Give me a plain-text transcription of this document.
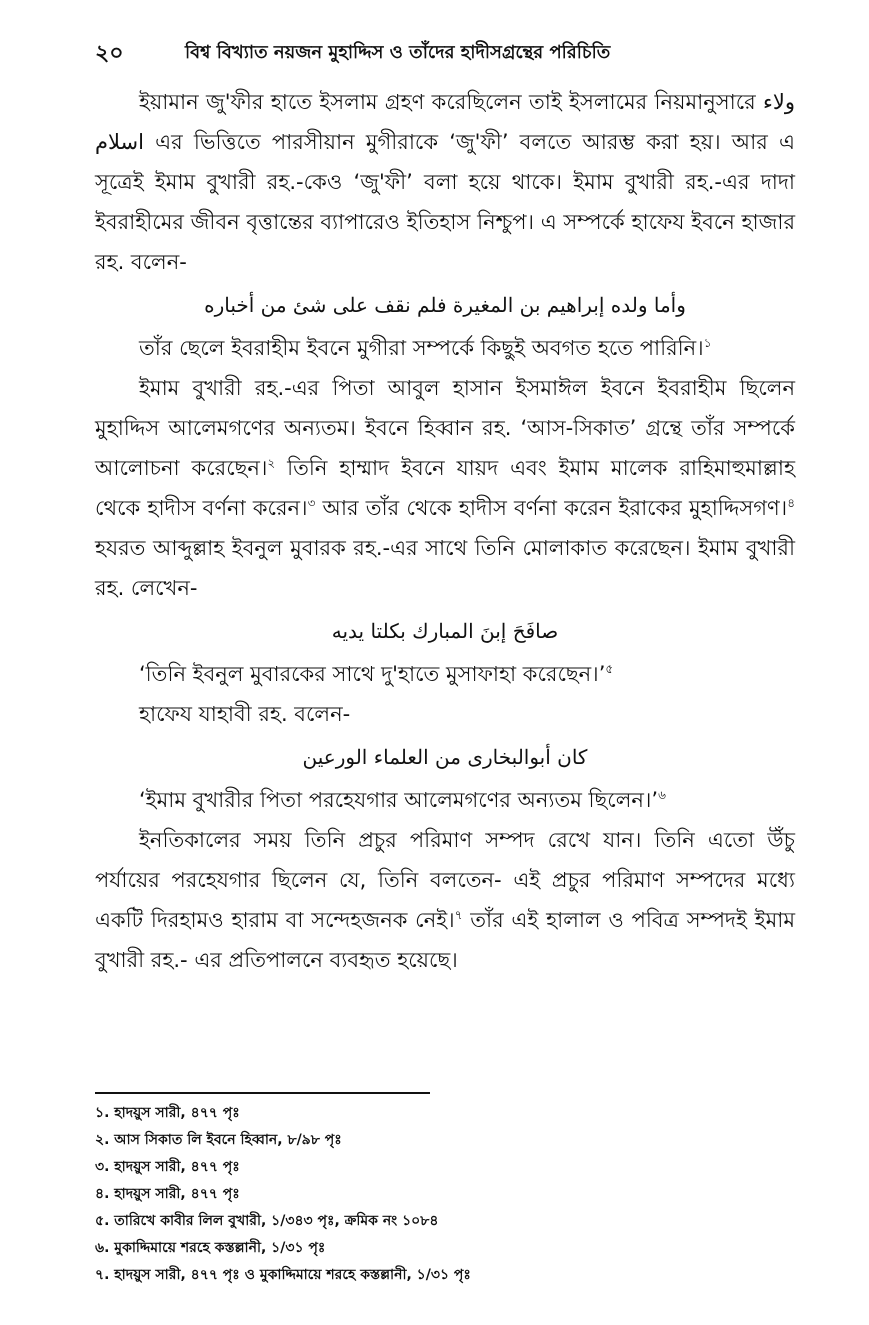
২০	বিশ্ব বিখ্যাত নয়জন মুহাদ্দিস ও তাঁদের হাদীসগ্রন্থের পরিচিতি

ইয়ামান জু'ফীর হাতে ইসলাম গ্রহণ করেছিলেন তাই ইসলামের নিয়মানুসারে ولاء اسلام এর ভিত্তিতে পারসীয়ান মুগীরাকে ‘জু'ফী’ বলতে আরম্ভ করা হয়। আর এ সূত্রেই ইমাম বুখারী রহ.-কেও ‘জু'ফী’ বলা হয়ে থাকে। ইমাম বুখারী রহ.-এর দাদা ইবরাহীমের জীবন বৃত্তান্তের ব্যাপারেও ইতিহাস নিশ্চুপ। এ সম্পর্কে হাফেয ইবনে হাজার রহ. বলেন-

وأما ولده إبراهيم بن المغيرة فلم نقف على شئ من أخباره

তাঁর ছেলে ইবরাহীম ইবনে মুগীরা সম্পর্কে কিছুই অবগত হতে পারিনি।$^১$

ইমাম বুখারী রহ.-এর পিতা আবুল হাসান ইসমাঈল ইবনে ইবরাহীম ছিলেন মুহাদ্দিস আলেমগণের অন্যতম। ইবনে হিব্বান রহ. ‘আস-সিকাত’ গ্রন্থে তাঁর সম্পর্কে আলোচনা করেছেন।$^২$ তিনি হাম্মাদ ইবনে যায়দ এবং ইমাম মালেক রাহিমাহুমাল্লাহ থেকে হাদীস বর্ণনা করেন।$^৩$ আর তাঁর থেকে হাদীস বর্ণনা করেন ইরাকের মুহাদ্দিসগণ।$^৪$ হযরত আব্দুল্লাহ ইবনুল মুবারক রহ.-এর সাথে তিনি মোলাকাত করেছেন। ইমাম বুখারী রহ. লেখেন-

صافَحَ إبنَ المبارك بكلتا يديه

‘তিনি ইবনুল মুবারকের সাথে দু'হাতে মুসাফাহা করেছেন।’$^৫$

হাফেয যাহাবী রহ. বলেন-

كان أبوالبخارى من العلماء الورعين

‘ইমাম বুখারীর পিতা পরহেযগার আলেমগণের অন্যতম ছিলেন।’$^৬$

ইনতিকালের সময় তিনি প্রচুর পরিমাণ সম্পদ রেখে যান। তিনি এতো উঁচু পর্যায়ের পরহেযগার ছিলেন যে, তিনি বলতেন- এই প্রচুর পরিমাণ সম্পদের মধ্যে একটি দিরহামও হারাম বা সন্দেহজনক নেই।$^৭$ তাঁর এই হালাল ও পবিত্র সম্পদই ইমাম বুখারী রহ.- এর প্রতিপালনে ব্যবহৃত হয়েছে।

১. হাদয়ুস সারী, ৪৭৭ পৃঃ

২. আস সিকাত লি ইবনে হিব্বান, ৮/৯৮ পৃঃ

৩. হাদয়ুস সারী, ৪৭৭ পৃঃ

৪. হাদয়ুস সারী, ৪৭৭ পৃঃ

৫. তারিখে কাবীর লিল বুখারী, ১/৩৪৩ পৃঃ, ক্রমিক নং ১০৮৪

৬. মুকাদ্দিমায়ে শরহে কস্তল্লানী, ১/৩১ পৃঃ

৭. হাদয়ুস সারী, ৪৭৭ পৃঃ ও মুকাদ্দিমায়ে শরহে কস্তল্লানী, ১/৩১ পৃঃ
